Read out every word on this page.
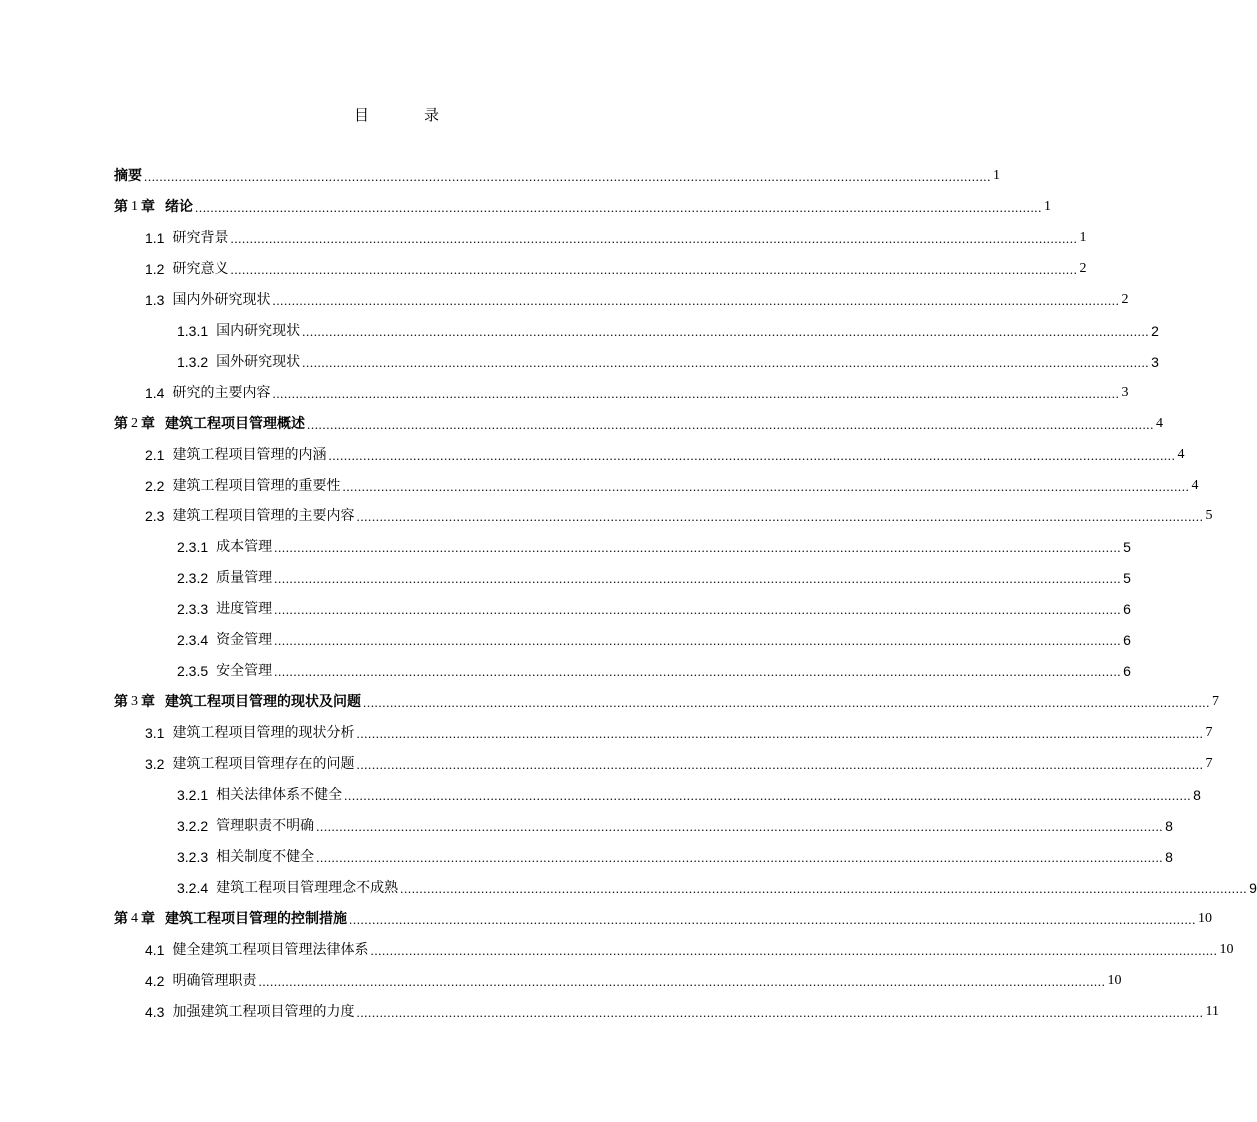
目	录
摘要 ............................................................................................................................................................................................................................ 1
第 1 章 绪论 ............................................................................................................................................................................................................................ 1
1.1 研究背景 ............................................................................................................................................................................................................................ 1
1.2 研究意义 ............................................................................................................................................................................................................................ 2
1.3 国内外研究现状 ............................................................................................................................................................................................................................ 2
1.3.1 国内研究现状 ............................................................................................................................................................................................................................ 2
1.3.2 国外研究现状 ............................................................................................................................................................................................................................ 3
1.4 研究的主要内容 ............................................................................................................................................................................................................................ 3
第 2 章 建筑工程项目管理概述 ............................................................................................................................................................................................................................ 4
2.1 建筑工程项目管理的内涵 ............................................................................................................................................................................................................................ 4
2.2 建筑工程项目管理的重要性 ............................................................................................................................................................................................................................ 4
2.3 建筑工程项目管理的主要内容 ............................................................................................................................................................................................................................ 5
2.3.1 成本管理 ............................................................................................................................................................................................................................ 5
2.3.2 质量管理 ............................................................................................................................................................................................................................ 5
2.3.3 进度管理 ............................................................................................................................................................................................................................ 6
2.3.4 资金管理 ............................................................................................................................................................................................................................ 6
2.3.5 安全管理 ............................................................................................................................................................................................................................ 6
第 3 章 建筑工程项目管理的现状及问题 ............................................................................................................................................................................................................................ 7
3.1 建筑工程项目管理的现状分析 ............................................................................................................................................................................................................................ 7
3.2 建筑工程项目管理存在的问题 ............................................................................................................................................................................................................................ 7
3.2.1 相关法律体系不健全 ............................................................................................................................................................................................................................ 8
3.2.2 管理职责不明确 ............................................................................................................................................................................................................................ 8
3.2.3 相关制度不健全 ............................................................................................................................................................................................................................ 8
3.2.4 建筑工程项目管理理念不成熟 ............................................................................................................................................................................................................................ 9
第 4 章 建筑工程项目管理的控制措施 ............................................................................................................................................................................................................................ 10
4.1 健全建筑工程项目管理法律体系 ............................................................................................................................................................................................................................ 10
4.2 明确管理职责 ............................................................................................................................................................................................................................ 10
4.3 加强建筑工程项目管理的力度 ............................................................................................................................................................................................................................ 11
